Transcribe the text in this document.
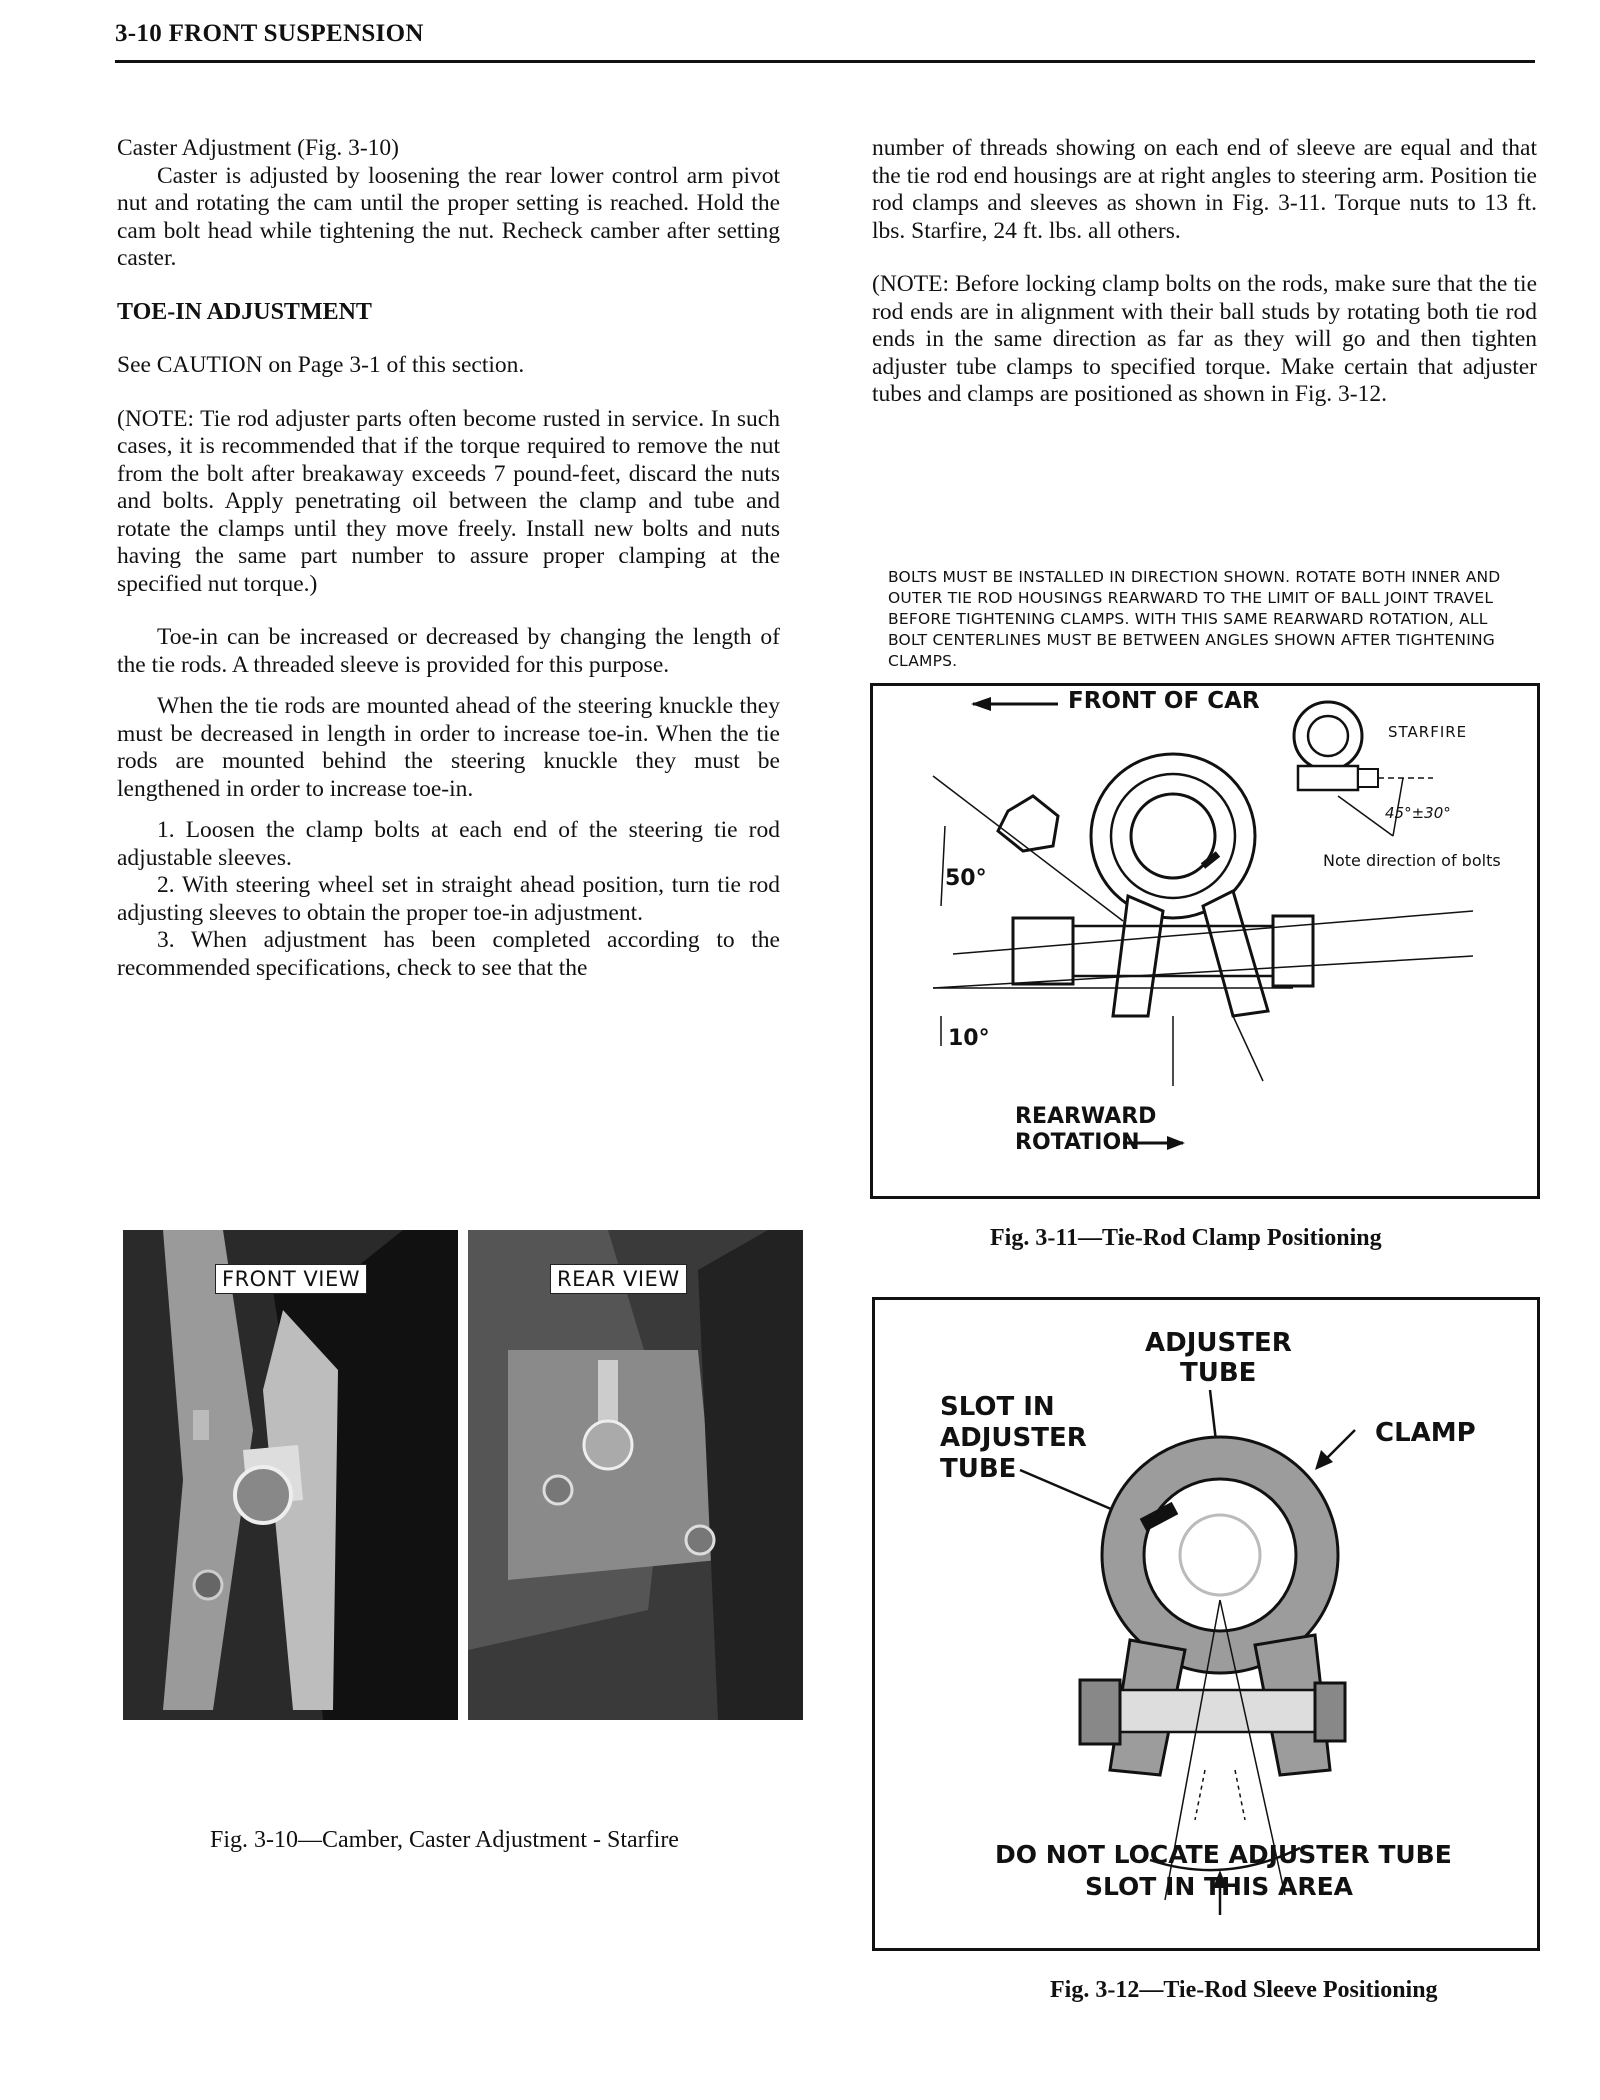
3-10 FRONT SUSPENSION

Caster Adjustment (Fig. 3-10)

Caster is adjusted by loosening the rear lower control arm pivot nut and rotating the cam until the proper setting is reached. Hold the cam bolt head while tightening the nut. Recheck camber after setting caster.

TOE-IN ADJUSTMENT

See CAUTION on Page 3-1 of this section.

(NOTE: Tie rod adjuster parts often become rusted in service. In such cases, it is recommended that if the torque required to remove the nut from the bolt after breakaway exceeds 7 pound-feet, discard the nuts and bolts. Apply penetrating oil between the clamp and tube and rotate the clamps until they move freely. Install new bolts and nuts having the same part number to assure proper clamping at the specified nut torque.)

Toe-in can be increased or decreased by changing the length of the tie rods. A threaded sleeve is provided for this purpose.

When the tie rods are mounted ahead of the steering knuckle they must be decreased in length in order to increase toe-in. When the tie rods are mounted behind the steering knuckle they must be lengthened in order to increase toe-in.

1. Loosen the clamp bolts at each end of the steering tie rod adjustable sleeves.

2. With steering wheel set in straight ahead position, turn tie rod adjusting sleeves to obtain the proper toe-in adjustment.

3. When adjustment has been completed according to the recommended specifications, check to see that the

number of threads showing on each end of sleeve are equal and that the tie rod end housings are at right angles to steering arm. Position tie rod clamps and sleeves as shown in Fig. 3-11. Torque nuts to 13 ft. lbs. Starfire, 24 ft. lbs. all others.

(NOTE: Before locking clamp bolts on the rods, make sure that the tie rod ends are in alignment with their ball studs by rotating both tie rod ends in the same direction as far as they will go and then tighten adjuster tube clamps to specified torque. Make certain that adjuster tubes and clamps are positioned as shown in Fig. 3-12.

BOLTS MUST BE INSTALLED IN DIRECTION SHOWN. ROTATE BOTH INNER AND OUTER TIE ROD HOUSINGS REARWARD TO THE LIMIT OF BALL JOINT TRAVEL BEFORE TIGHTENING CLAMPS. WITH THIS SAME REARWARD ROTATION, ALL BOLT CENTERLINES MUST BE BETWEEN ANGLES SHOWN AFTER TIGHTENING CLAMPS.
FRONT OF CAR
STARFIRE
45°±30°
Note direction of bolts
50°
10°
REARWARD
ROTATION
Fig. 3-11—Tie-Rod Clamp Positioning
FRONT VIEW	REAR VIEW
Fig. 3-10—Camber, Caster Adjustment - Starfire
ADJUSTER
TUBE
SLOT IN
ADJUSTER
TUBE
CLAMP
DO NOT LOCATE ADJUSTER TUBE
SLOT IN THIS AREA
Fig. 3-12—Tie-Rod Sleeve Positioning
